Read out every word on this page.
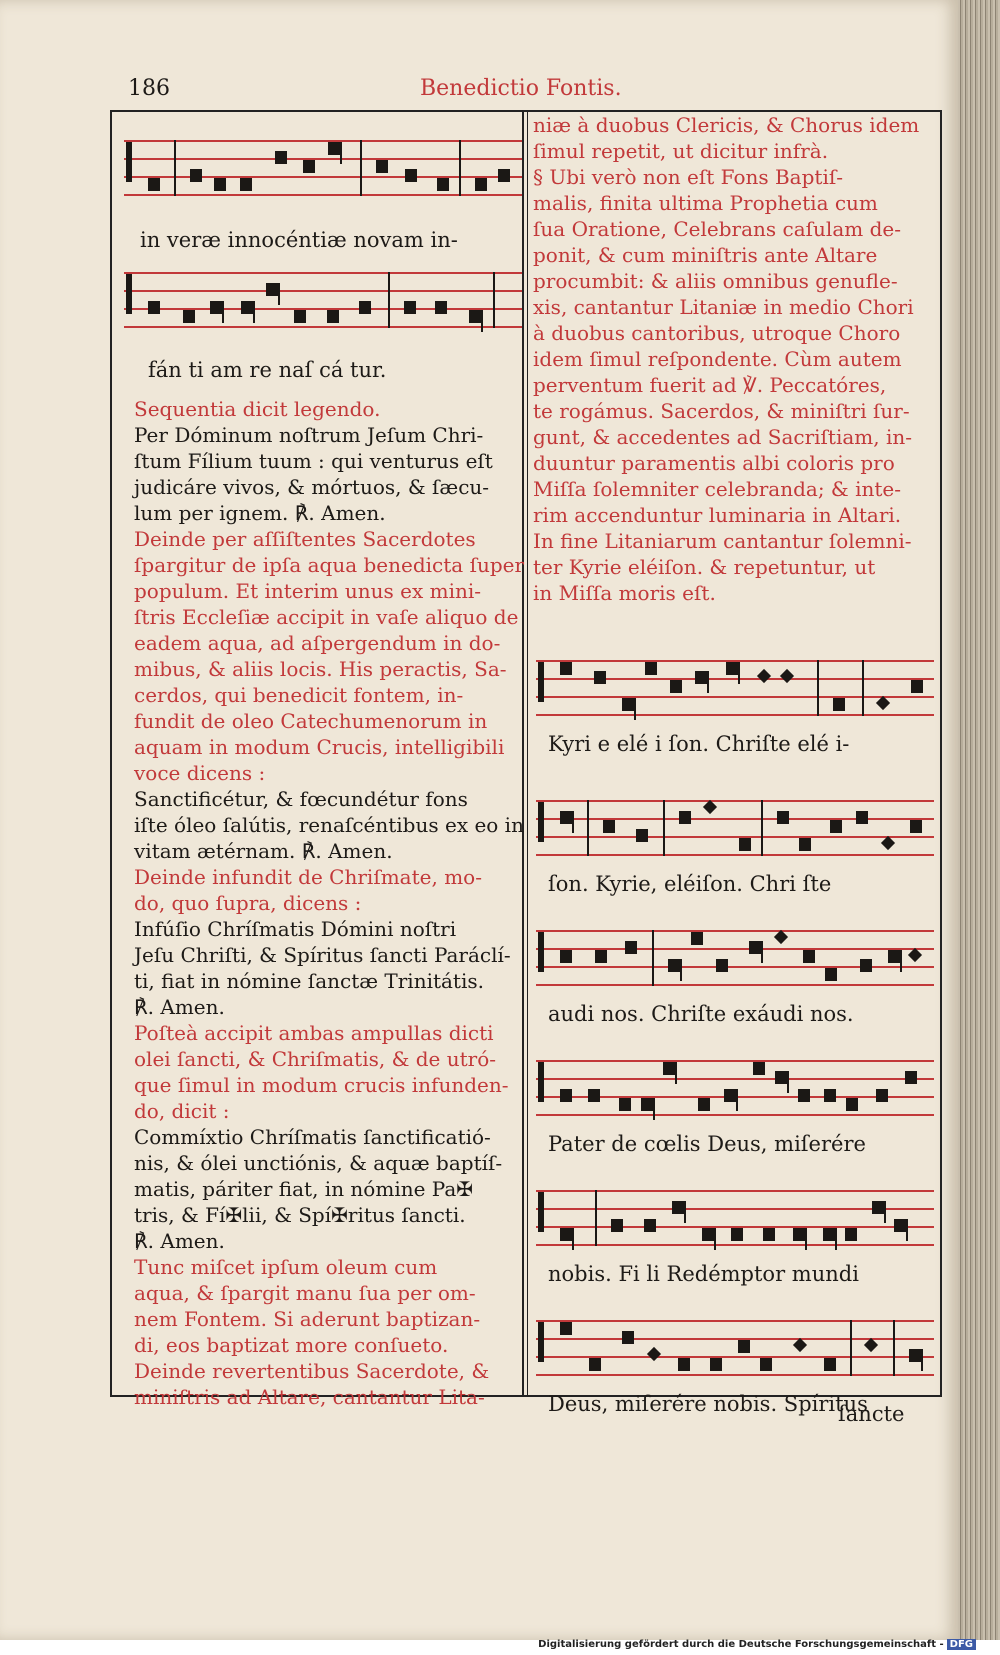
186	Benedictio Fontis.
in veræ innocéntiæ novam in-
fán ti am re naſ cá tur.
Sequentia dicit legendo.
Per Dóminum noſtrum Jeſum Chri-
ſtum Fílium tuum : qui venturus eſt
judicáre vivos, & mórtuos, & ſæcu-
lum per ignem. ℟. Amen.
Deinde per aſſiſtentes Sacerdotes
ſpargitur de ipſa aqua benedicta ſuper
populum. Et interim unus ex mini-
ſtris Eccleſiæ accipit in vaſe aliquo de
eadem aqua, ad aſpergendum in do-
mibus, & aliis locis. His peractis, Sa-
cerdos, qui benedicit fontem, in-
fundit de oleo Catechumenorum in
aquam in modum Crucis, intelligibili
voce dicens :
Sanctificétur, & fœcundétur fons
iſte óleo ſalútis, renaſcéntibus ex eo in
vitam ætérnam. ℟. Amen.
Deinde infundit de Chriſmate, mo-
do, quo ſupra, dicens :
Infúſio Chríſmatis Dómini noſtri
Jeſu Chriſti, & Spíritus ſancti Paráclí-
ti, fiat in nómine ſanctæ Trinitátis.
℟. Amen.
Poſteà accipit ambas ampullas dicti
olei ſancti, & Chriſmatis, & de utró-
que ſimul in modum crucis infunden-
do, dicit :
Commíxtio Chríſmatis ſanctificatió-
nis, & ólei unctiónis, & aquæ baptíſ-
matis, páriter fiat, in nómine Pa✠
tris, & Fí✠lii, & Spí✠ritus ſancti.
℟. Amen.
Tunc miſcet ipſum oleum cum
aqua, & ſpargit manu ſua per om-
nem Fontem. Si aderunt baptizan-
di, eos baptizat more conſueto.
Deinde revertentibus Sacerdote, &
miniſtris ad Altare, cantantur Lita-
niæ à duobus Clericis, & Chorus idem
ſimul repetit, ut dicitur infrà.
§ Ubi verò non eſt Fons Baptiſ-
malis, finita ultima Prophetia cum
ſua Oratione, Celebrans caſulam de-
ponit, & cum miniſtris ante Altare
procumbit: & aliis omnibus genufle-
xis, cantantur Litaniæ in medio Chori
à duobus cantoribus, utroque Choro
idem ſimul reſpondente. Cùm autem
perventum fuerit ad ℣. Peccatóres,
te rogámus. Sacerdos, & miniſtri ſur-
gunt, & accedentes ad Sacriſtiam, in-
duuntur paramentis albi coloris pro
Miſſa ſolemniter celebranda; & inte-
rim accenduntur luminaria in Altari.
In fine Litaniarum cantantur ſolemni-
ter Kyrie eléiſon. & repetuntur, ut
in Miſſa moris eſt.
Kyri e elé i ſon. Chriſte elé i-
ſon. Kyrie, eléiſon. Chri ſte
audi nos. Chriſte exáudi nos.
Pater de cœlis Deus, miſerére
nobis. Fi li Redémptor mundi
Deus, miſerére nobis. Spíritus
ſancte
Digitalisierung gefördert durch die Deutsche Forschungsgemeinschaft - DFG
